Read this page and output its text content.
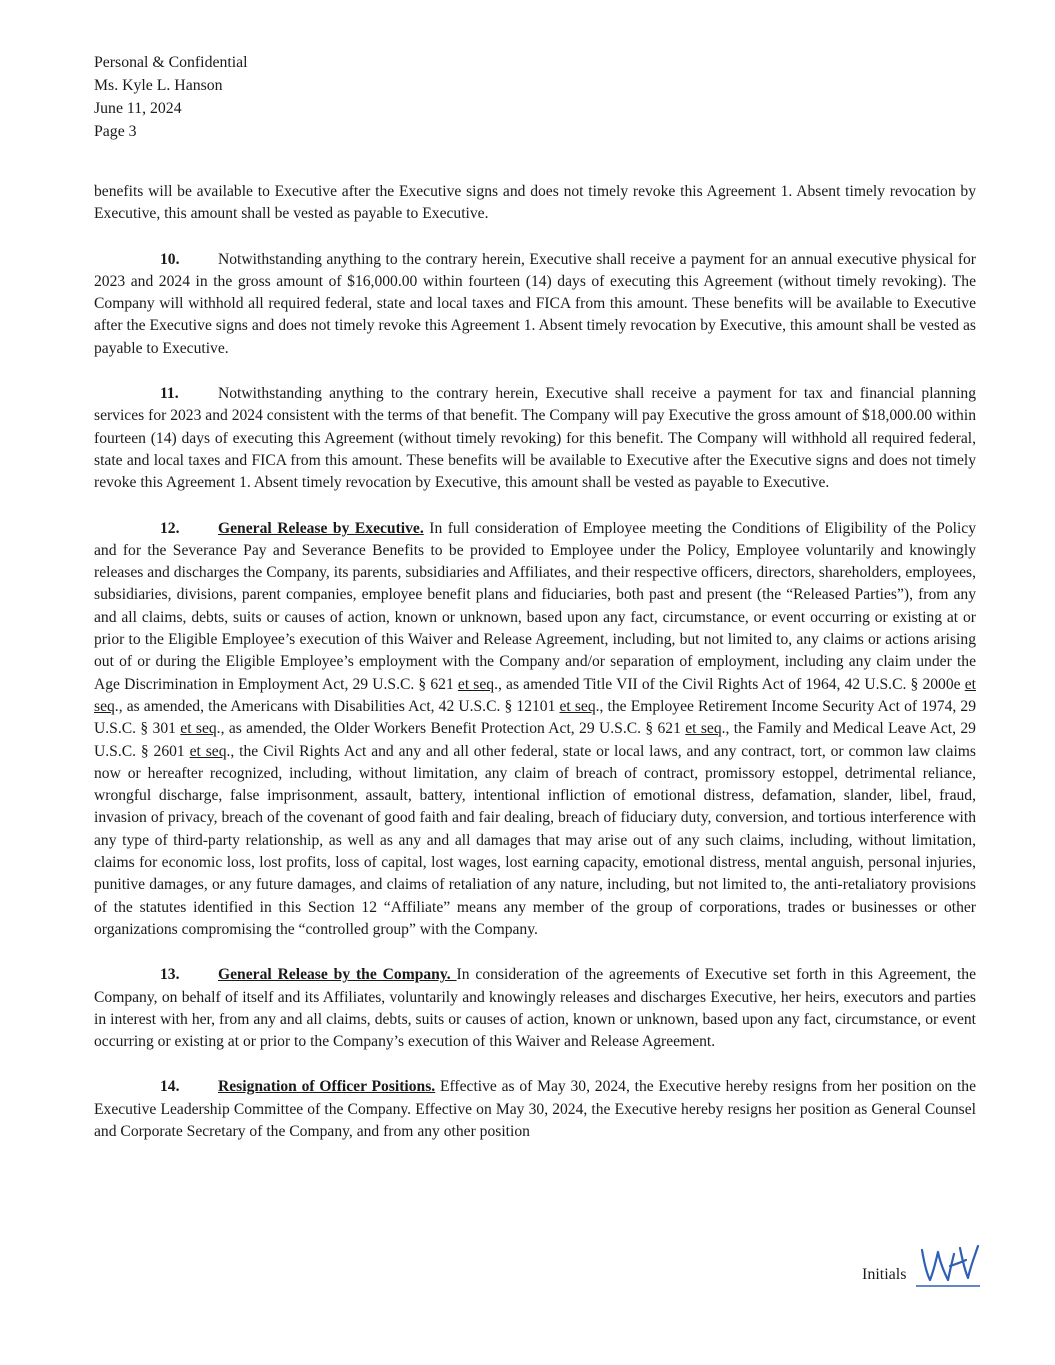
Personal & Confidential
Ms. Kyle L. Hanson
June 11, 2024
Page 3

benefits will be available to Executive after the Executive signs and does not timely revoke this Agreement 1. Absent timely revocation by Executive, this amount shall be vested as payable to Executive.

10. Notwithstanding anything to the contrary herein, Executive shall receive a payment for an annual executive physical for 2023 and 2024 in the gross amount of $16,000.00 within fourteen (14) days of executing this Agreement (without timely revoking). The Company will withhold all required federal, state and local taxes and FICA from this amount. These benefits will be available to Executive after the Executive signs and does not timely revoke this Agreement 1. Absent timely revocation by Executive, this amount shall be vested as payable to Executive.

11.	Notwithstanding anything to the contrary herein, Executive shall receive a payment for tax and financial planning services for 2023 and 2024 consistent with the terms of that benefit. The Company will pay Executive the gross amount of $18,000.00 within fourteen (14) days of executing this Agreement (without timely revoking) for this benefit. The Company will withhold all required federal, state and local taxes and FICA from this amount. These benefits will be available to Executive after the Executive signs and does not timely revoke this Agreement 1. Absent timely revocation by Executive, this amount shall be vested as payable to Executive.

12. General Release by Executive. In full consideration of Employee meeting the Conditions of Eligibility of the Policy and for the Severance Pay and Severance Benefits to be provided to Employee under the Policy, Employee voluntarily and knowingly releases and discharges the Company, its parents, subsidiaries and Affiliates, and their respective officers, directors, shareholders, employees, subsidiaries, divisions, parent companies, employee benefit plans and fiduciaries, both past and present (the “Released Parties”), from any and all claims, debts, suits or causes of action, known or unknown, based upon any fact, circumstance, or event occurring or existing at or prior to the Eligible Employee’s execution of this Waiver and Release Agreement, including, but not limited to, any claims or actions arising out of or during the Eligible Employee’s employment with the Company and/or separation of employment, including any claim under the Age Discrimination in Employment Act, 29 U.S.C. § 621 et seq., as amended Title VII of the Civil Rights Act of 1964, 42 U.S.C. § 2000e et seq., as amended, the Americans with Disabilities Act, 42 U.S.C. § 12101 et seq., the Employee Retirement Income Security Act of 1974, 29 U.S.C. § 301 et seq., as amended, the Older Workers Benefit Protection Act, 29 U.S.C. § 621 et seq., the Family and Medical Leave Act, 29 U.S.C. § 2601 et seq., the Civil Rights Act and any and all other federal, state or local laws, and any contract, tort, or common law claims now or hereafter recognized, including, without limitation, any claim of breach of contract, promissory estoppel, detrimental reliance, wrongful discharge, false imprisonment, assault, battery, intentional infliction of emotional distress, defamation, slander, libel, fraud, invasion of privacy, breach of the covenant of good faith and fair dealing, breach of fiduciary duty, conversion, and tortious interference with any type of third-party relationship, as well as any and all damages that may arise out of any such claims, including, without limitation, claims for economic loss, lost profits, loss of capital, lost wages, lost earning capacity, emotional distress, mental anguish, personal injuries, punitive damages, or any future damages, and claims of retaliation of any nature, including, but not limited to, the anti-retaliatory provisions of the statutes identified in this Section 12 “Affiliate” means any member of the group of corporations, trades or businesses or other organizations compromising the “controlled group” with the Company.

13. General Release by the Company. In consideration of the agreements of Executive set forth in this Agreement, the Company, on behalf of itself and its Affiliates, voluntarily and knowingly releases and discharges Executive, her heirs, executors and parties in interest with her, from any and all claims, debts, suits or causes of action, known or unknown, based upon any fact, circumstance, or event occurring or existing at or prior to the Company’s execution of this Waiver and Release Agreement.

14. Resignation of Officer Positions. Effective as of May 30, 2024, the Executive hereby resigns from her position on the Executive Leadership Committee of the Company. Effective on May 30, 2024, the Executive hereby resigns her position as General Counsel and Corporate Secretary of the Company, and from any other position

Initials
